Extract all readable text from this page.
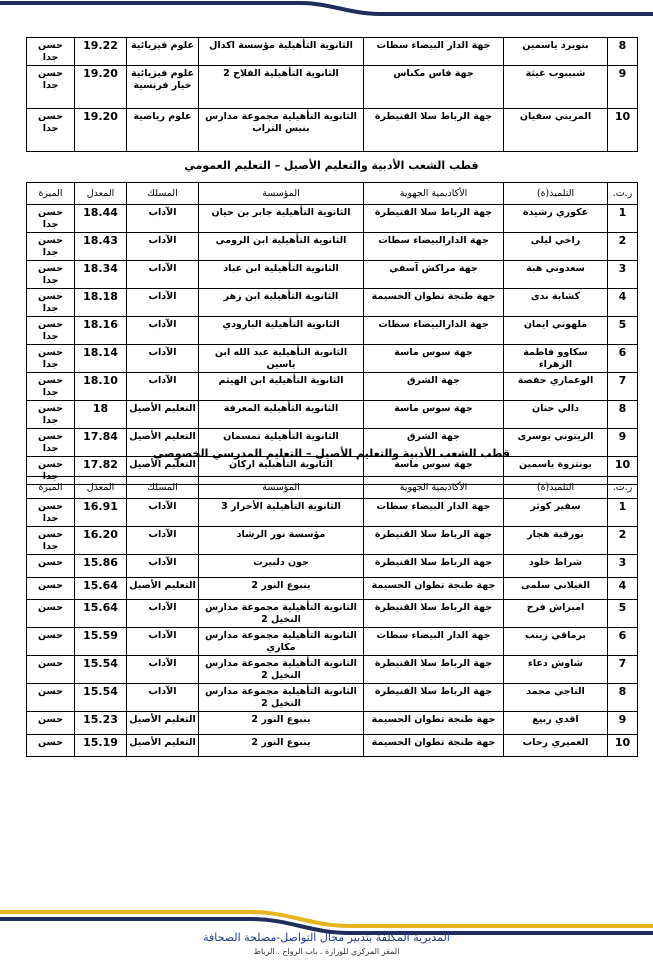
8	بنويرد ياسمين	جهة الدار البيضاء سطات	الثانوية التأهيلية مؤسسة اكدال	علوم فيزيائية	19.22	حسن جدا
9	شبيبوب غيثة	جهة فاس مكناس	الثانوية التأهيلية الفلاح 2	علوم فيزيائية خيار فرنسية	19.20	حسن جدا
10	المريني سفيان	جهة الرباط سلا القنيطرة	الثانوية التأهيلية مجموعة مدارس بنيس التراب	علوم رياضية	19.20	حسن جدا
قطب الشعب الأدبية والتعليم الأصيل – التعليم العمومي
ر.ت.	التلميذ(ة)	الأكاديمية الجهوية	المؤسسة	المسلك	المعدل	الميزة
1	عكوري رشيدة	جهة الرباط سلا القنيطرة	الثانوية التأهيلية جابر بن حيان	الآداب	18.44	حسن جدا
2	راخي ليلى	جهة الدارالبيضاء سطات	الثانوية التأهيلية ابن الرومي	الآداب	18.43	حسن جدا
3	سعدوني هبة	جهة مراكش آسفي	الثانوية التأهيلية ابن عباد	الآداب	18.34	حسن جدا
4	كشابة ندى	جهة طنجة تطوان الحسيمة	الثانوية التأهيلية ابن زهر	الآداب	18.18	حسن جدا
5	ملهوني ايمان	جهة الدارالبيضاء سطات	الثانوية التأهيلية البارودي	الآداب	18.16	حسن جدا
6	سكاوو فاطمة الزهراء	جهة سوس ماسة	الثانوية التأهيلية عبد الله ابن ياسين	الآداب	18.14	حسن جدا
7	الوعماري حفصة	جهة الشرق	الثانوية التأهيلية ابن الهيثم	الآداب	18.10	حسن جدا
8	دالي حنان	جهة سوس ماسة	الثانوية التأهيلية المعرفة	التعليم الأصيل	18	حسن جدا
9	الزيتوني يوسرى	جهة الشرق	الثانوية التأهيلية تمسمان	التعليم الأصيل	17.84	حسن جدا
10	بونتزوة ياسمين	جهة سوس ماسة	الثانوية التأهيلية اركان	التعليم الأصيل	17.82	حسن جدا
قطب الشعب الأدبية والتعليم الأصيل – التعليم المدرسي الخصوصي
ر.ت.	التلميذ(ة)	الأكاديمية الجهوية	المؤسسة	المسلك	المعدل	الميزة
1	سفير كوثر	جهة الدار البيضاء سطات	الثانوية التأهيلية الأحرار 3	الآداب	16.91	حسن جدا
2	بورقية هجار	جهة الرباط سلا القنيطرة	مؤسسة نور الرشاد	الآداب	16.20	حسن جدا
3	شراط خلود	جهة الرباط سلا القنيطرة	جون دلبيرت	الآداب	15.86	حسن
4	الغيلاني سلمى	جهة طنجة تطوان الحسيمة	ينبوع النور 2	التعليم الأصيل	15.64	حسن
5	امبراش فرح	جهة الرباط سلا القنيطرة	الثانوية التأهيلية مجموعة مدارس النخيل 2	الآداب	15.64	حسن
6	برماقي زينب	جهة الدار البيضاء سطات	الثانوية التأهيلية مجموعة مدارس مكاري	الآداب	15.59	حسن
7	شاوش دعاء	جهة الرباط سلا القنيطرة	الثانوية التأهيلية مجموعة مدارس النخيل 2	الآداب	15.54	حسن
8	الناجي محمد	جهة الرباط سلا القنيطرة	الثانوية التأهيلية مجموعة مدارس النخيل 2	الآداب	15.54	حسن
9	اقدي ربيع	جهة طنجة تطوان الحسيمة	ينبوع النور 2	التعليم الأصيل	15.23	حسن
10	العميري رحاب	جهة طنجة تطوان الحسيمة	ينبوع النور 2	التعليم الأصيل	15.19	حسن
المديرية المكلفة بتدبير مجال التواصل-مصلحة الصحافة
المقر المركزي للوزارة . باب الرواح . الرباط
